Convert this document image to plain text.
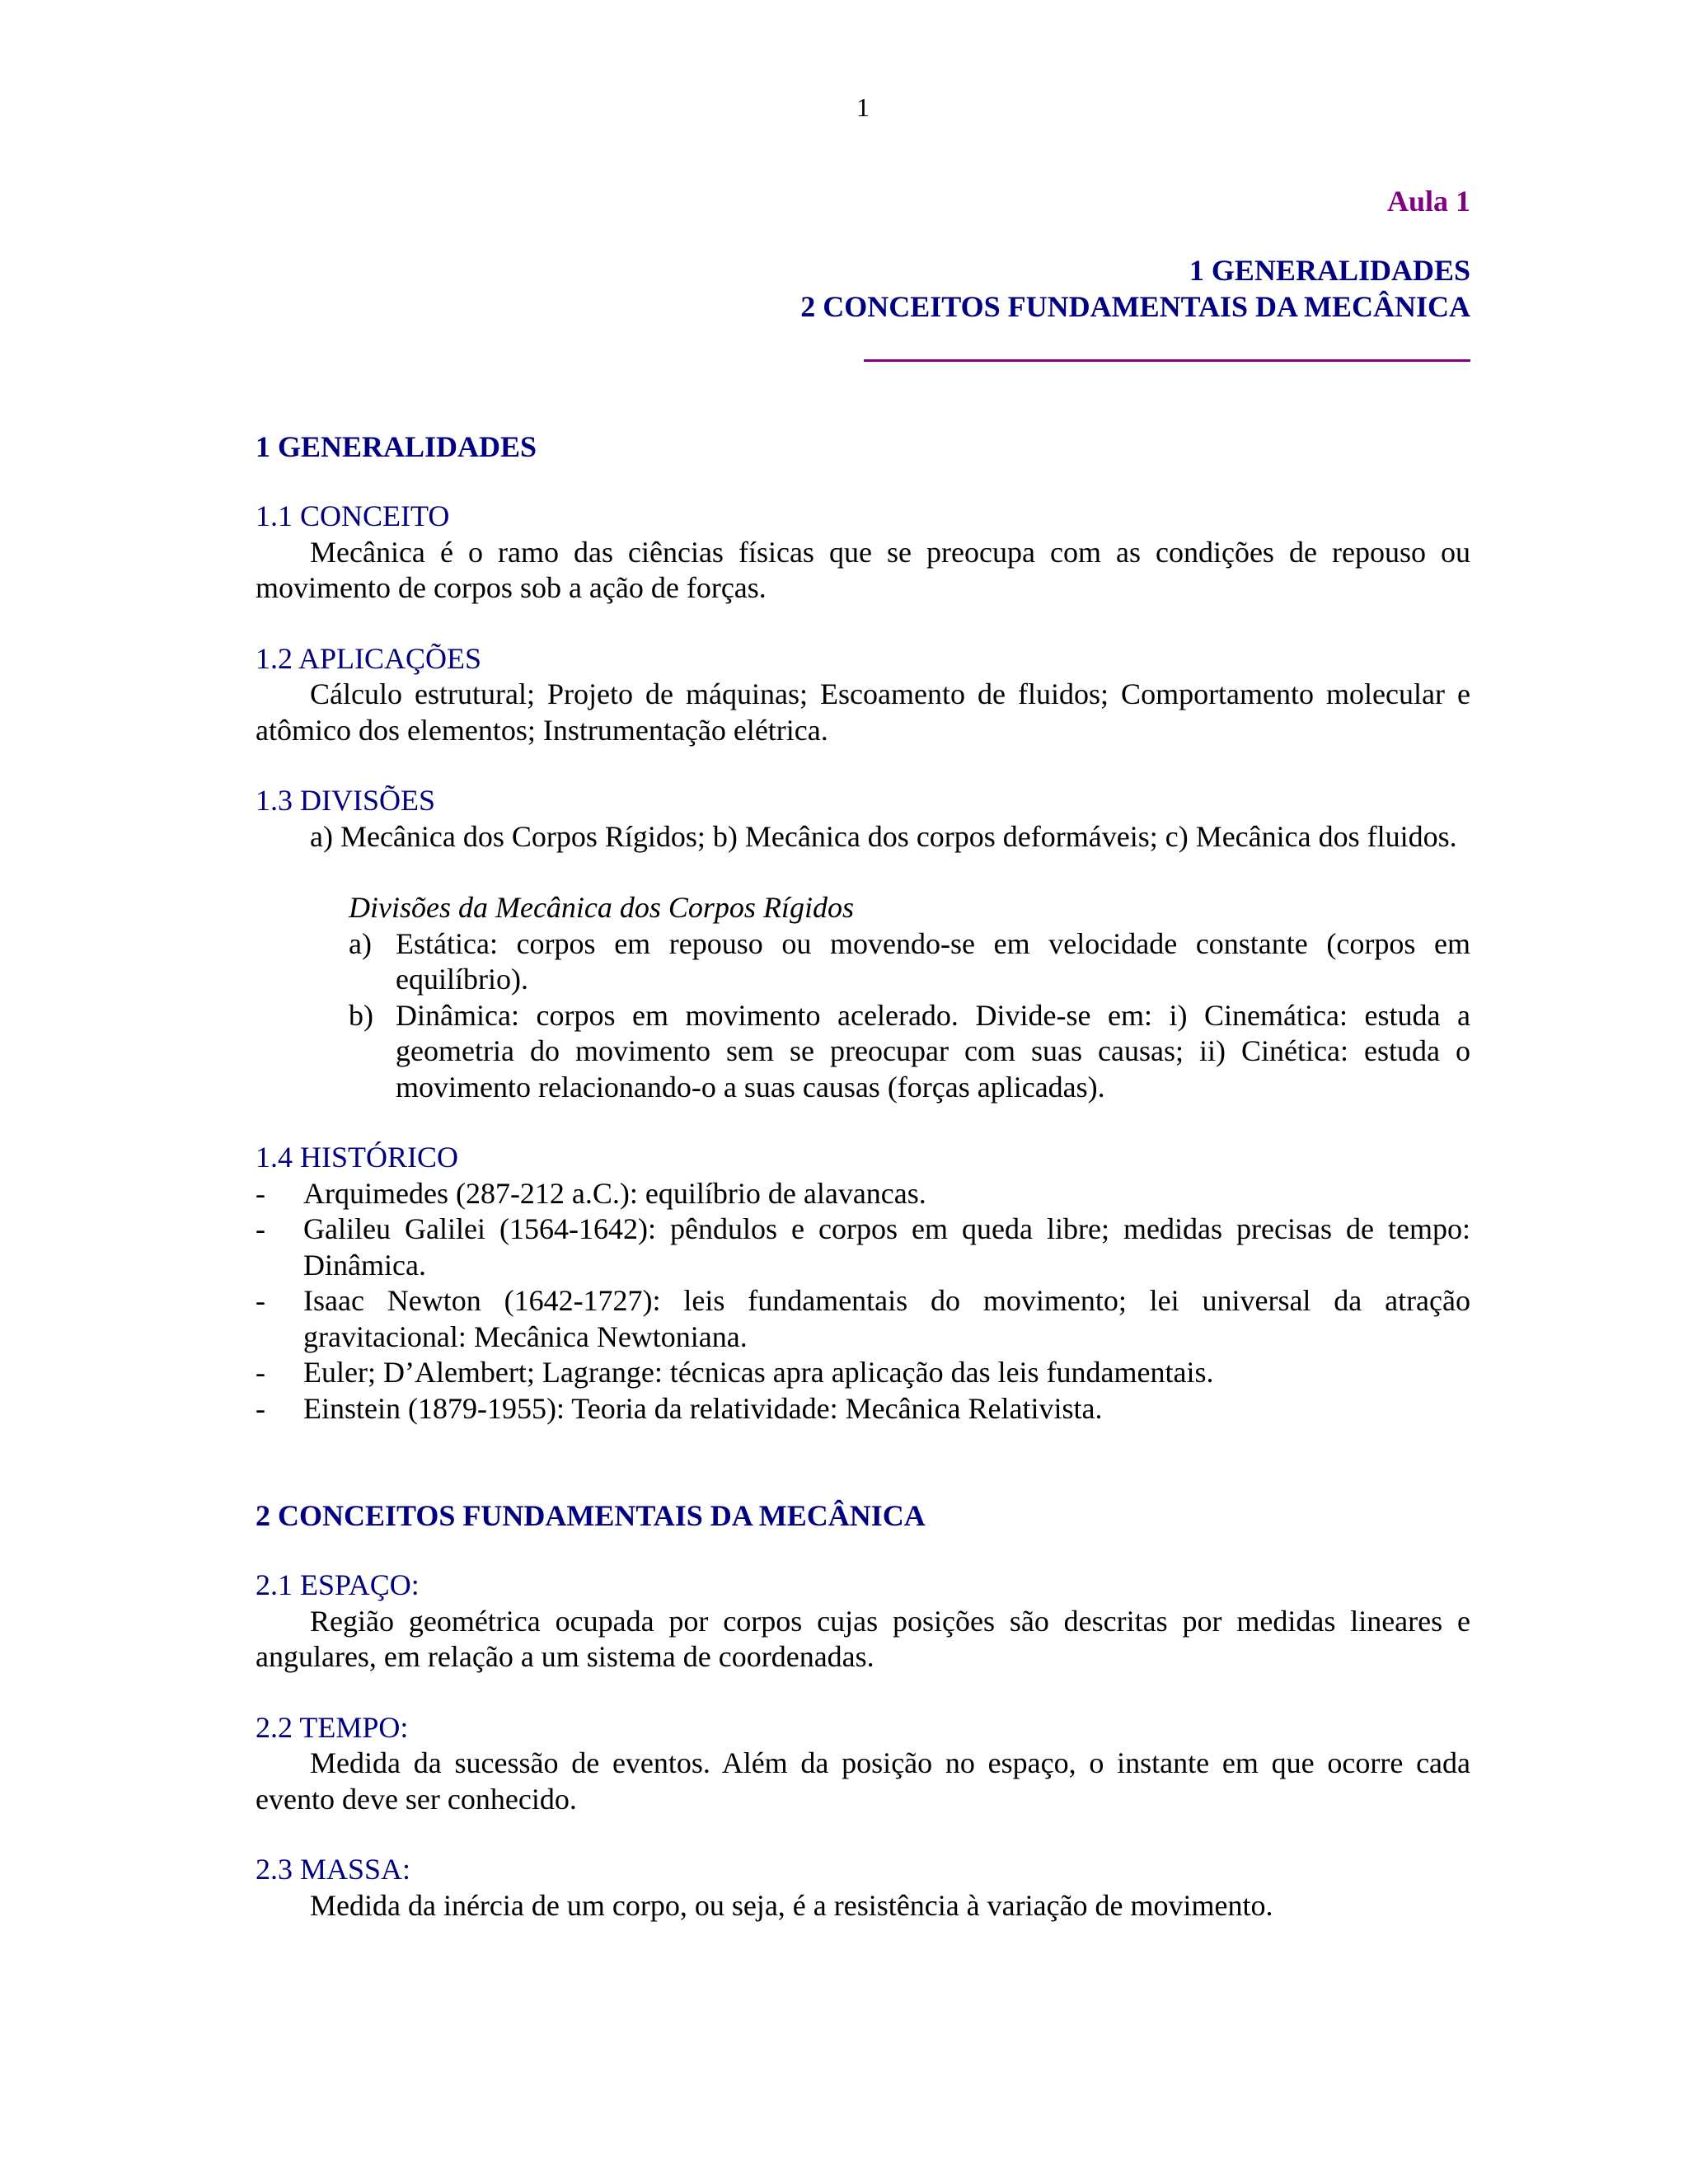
1
Aula 1
1 GENERALIDADES
2 CONCEITOS FUNDAMENTAIS DA MECÂNICA
1 GENERALIDADES
1.1 CONCEITO

Mecânica é o ramo das ciências físicas que se preocupa com as condições de repouso ou movimento de corpos sob a ação de forças.

1.2 APLICAÇÕES

Cálculo estrutural; Projeto de máquinas; Escoamento de fluidos; Comportamento molecular e atômico dos elementos; Instrumentação elétrica.

1.3 DIVISÕES

a) Mecânica dos Corpos Rígidos; b) Mecânica dos corpos deformáveis; c) Mecânica dos fluidos.

Divisões da Mecânica dos Corpos Rígidos
a) Estática: corpos em repouso ou movendo-se em velocidade constante (corpos em equilíbrio).
b) Dinâmica: corpos em movimento acelerado. Divide-se em: i) Cinemática: estuda a geometria do movimento sem se preocupar com suas causas; ii) Cinética: estuda o movimento relacionando-o a suas causas (forças aplicadas).
1.4 HISTÓRICO
-	Arquimedes (287-212 a.C.): equilíbrio de alavancas.
-	Galileu Galilei (1564-1642): pêndulos e corpos em queda libre; medidas precisas de tempo: Dinâmica.
-	Isaac Newton (1642-1727): leis fundamentais do movimento; lei universal da atração gravitacional: Mecânica Newtoniana.
-	Euler; D’Alembert; Lagrange: técnicas apra aplicação das leis fundamentais.
-	Einstein (1879-1955): Teoria da relatividade: Mecânica Relativista.
2 CONCEITOS FUNDAMENTAIS DA MECÂNICA
2.1 ESPAÇO:

Região geométrica ocupada por corpos cujas posições são descritas por medidas lineares e angulares, em relação a um sistema de coordenadas.

2.2 TEMPO:

Medida da sucessão de eventos. Além da posição no espaço, o instante em que ocorre cada evento deve ser conhecido.

2.3 MASSA:

Medida da inércia de um corpo, ou seja, é a resistência à variação de movimento.
